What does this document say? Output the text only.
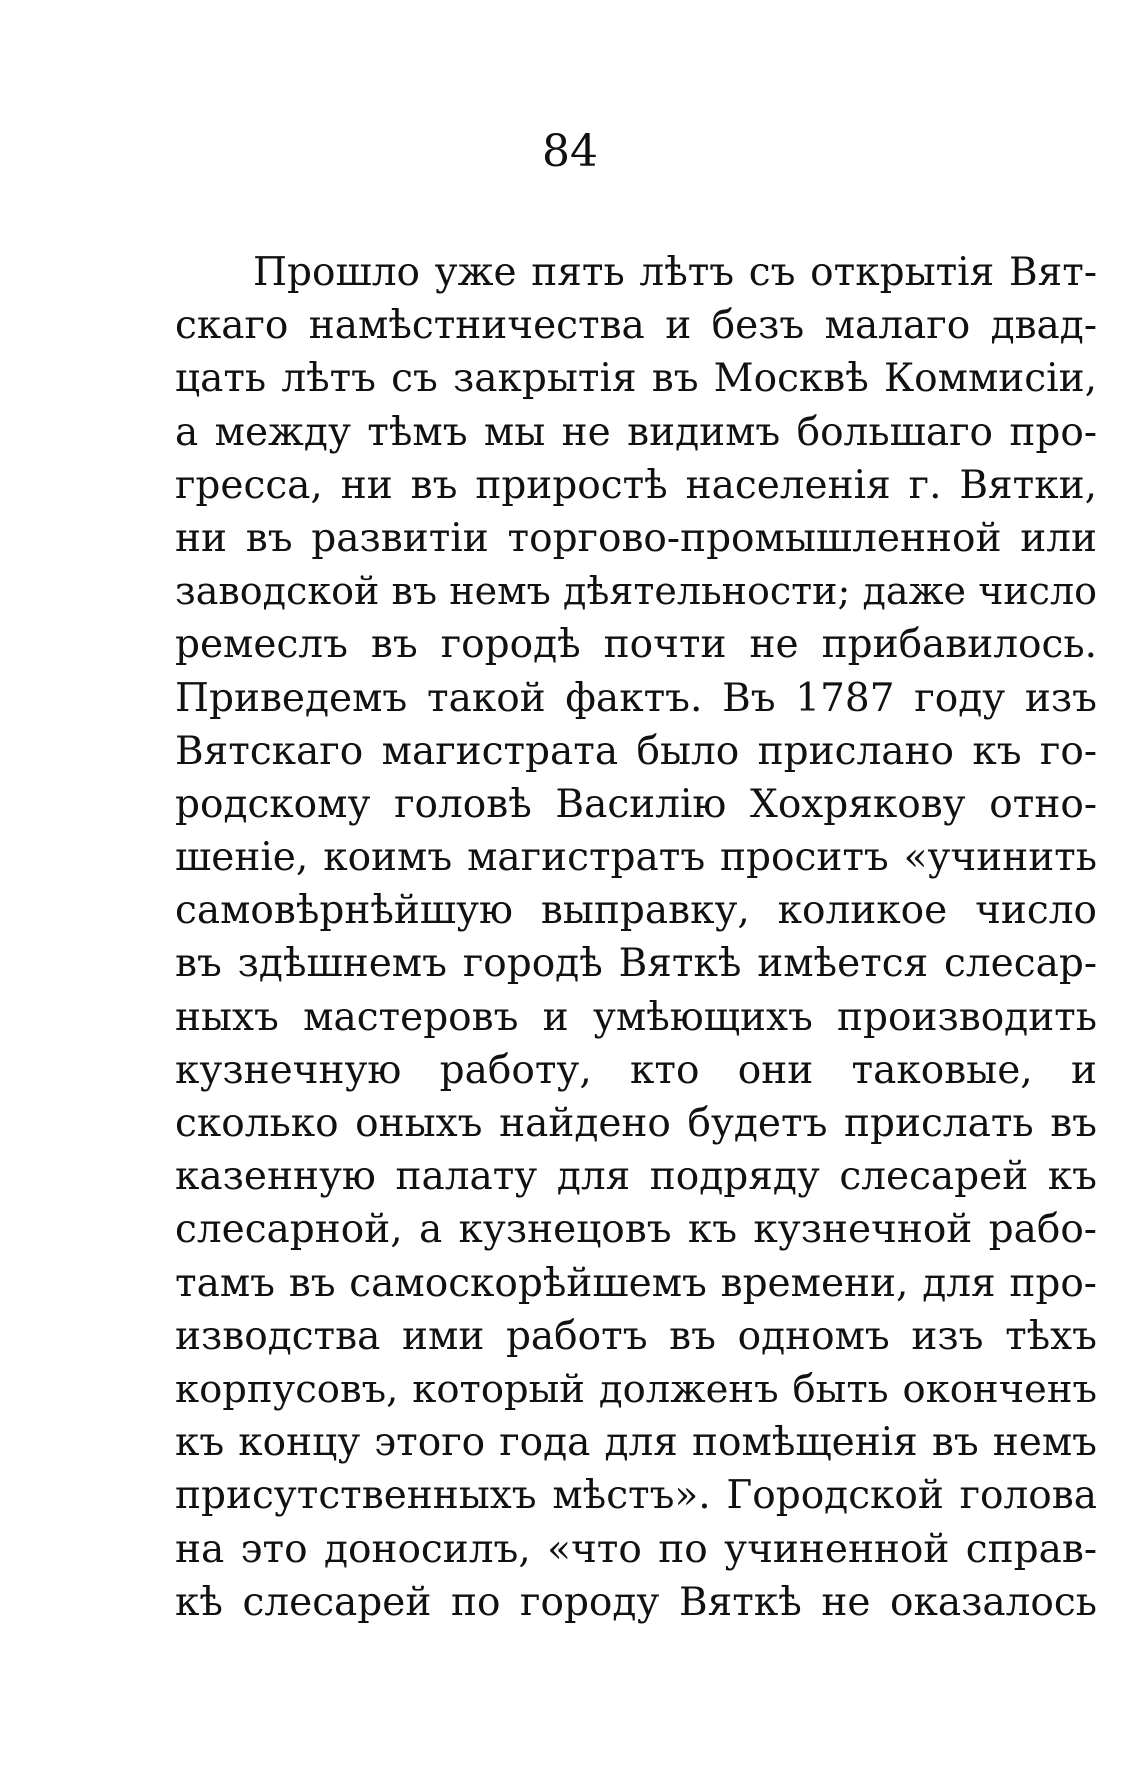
84
Прошло уже пять лѣтъ съ открытія Вят-
скаго намѣстничества и безъ малаго двад-
цать лѣтъ съ закрытія въ Москвѣ Коммисіи,
а между тѣмъ мы не видимъ большаго про-
гресса, ни въ приростѣ населенія г. Вятки,
ни въ развитіи торгово-промышленной или
заводской въ немъ дѣятельности; даже число
ремеслъ въ городѣ почти не прибавилось.
Приведемъ такой фактъ. Въ 1787 году изъ
Вятскаго магистрата было прислано къ го-
родскому головѣ Василію Хохрякову отно-
шеніе, коимъ магистратъ проситъ «учинить
самовѣрнѣйшую выправку, коликое число
въ здѣшнемъ городѣ Вяткѣ имѣется слесар-
ныхъ мастеровъ и умѣющихъ производить
кузнечную работу, кто они таковые, и
сколько оныхъ найдено будетъ прислать въ
казенную палату для подряду слесарей къ
слесарной, а кузнецовъ къ кузнечной рабо-
тамъ въ самоскорѣйшемъ времени, для про-
изводства ими работъ въ одномъ изъ тѣхъ
корпусовъ, который долженъ быть оконченъ
къ концу этого года для помѣщенія въ немъ
присутственныхъ мѣстъ». Городской голова
на это доносилъ, «что по учиненной справ-
кѣ слесарей по городу Вяткѣ не оказалось
